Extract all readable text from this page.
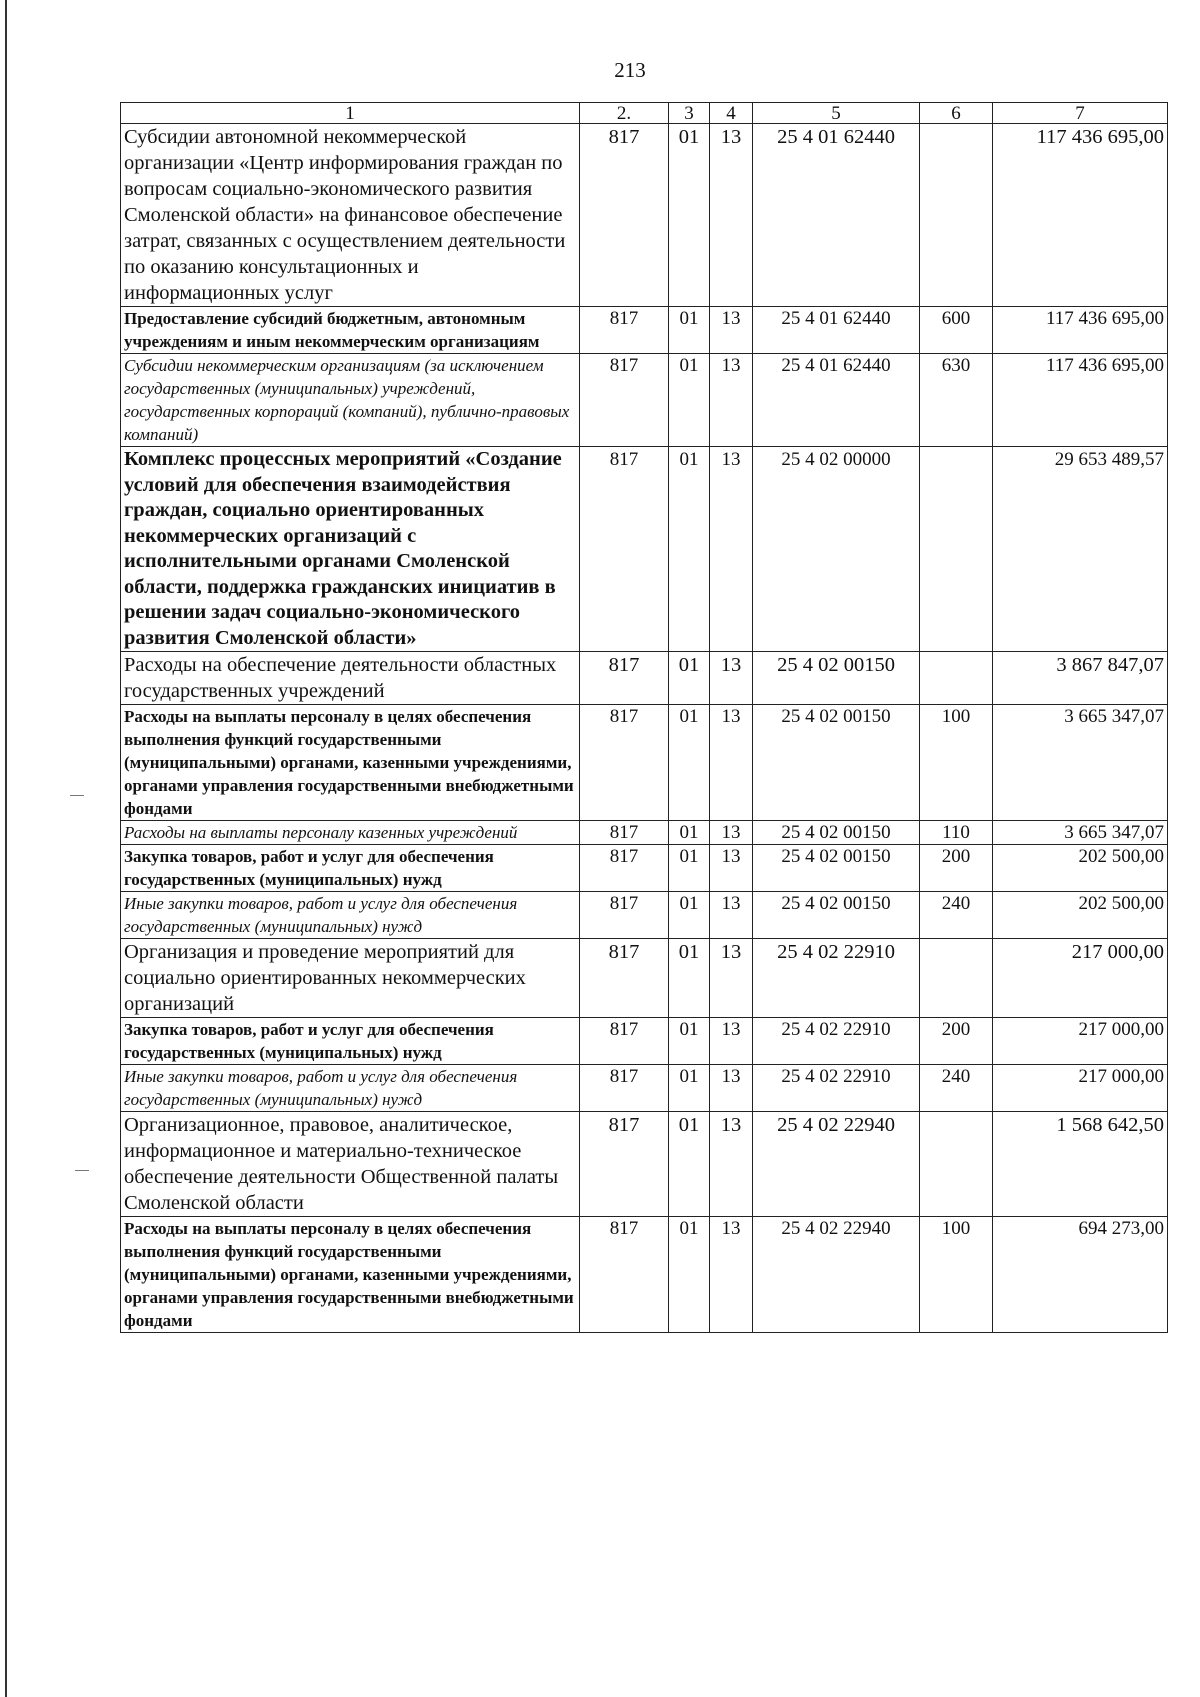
213
1	2.	3	4	5	6	7
Субсидии автономной некоммерческой организации «Центр информирования граждан по вопросам социально-экономического развития Смоленской области» на финансовое обеспечение затрат, связанных с осуществлением деятельности по оказанию консультационных и информационных услуг	817	01	13	25 4 01 62440		117 436 695,00
Предоставление субсидий бюджетным, автономным учреждениям и иным некоммерческим организациям	817	01	13	25 4 01 62440	600	117 436 695,00
Субсидии некоммерческим организациям (за исключением государственных (муниципальных) учреждений, государственных корпораций (компаний), публично-правовых компаний)	817	01	13	25 4 01 62440	630	117 436 695,00
Комплекс процессных мероприятий «Создание условий для обеспечения взаимодействия граждан, социально ориентированных некоммерческих организаций с исполнительными органами Смоленской области, поддержка гражданских инициатив в решении задач социально-экономического развития Смоленской области»	817	01	13	25 4 02 00000		29 653 489,57
Расходы на обеспечение деятельности областных государственных учреждений	817	01	13	25 4 02 00150		3 867 847,07
Расходы на выплаты персоналу в целях обеспечения выполнения функций государственными (муниципальными) органами, казенными учреждениями, органами управления государственными внебюджетными фондами	817	01	13	25 4 02 00150	100	3 665 347,07
Расходы на выплаты персоналу казенных учреждений	817	01	13	25 4 02 00150	110	3 665 347,07
Закупка товаров, работ и услуг для обеспечения государственных (муниципальных) нужд	817	01	13	25 4 02 00150	200	202 500,00
Иные закупки товаров, работ и услуг для обеспечения государственных (муниципальных) нужд	817	01	13	25 4 02 00150	240	202 500,00
Организация и проведение мероприятий для социально ориентированных некоммерческих организаций	817	01	13	25 4 02 22910		217 000,00
Закупка товаров, работ и услуг для обеспечения государственных (муниципальных) нужд	817	01	13	25 4 02 22910	200	217 000,00
Иные закупки товаров, работ и услуг для обеспечения государственных (муниципальных) нужд	817	01	13	25 4 02 22910	240	217 000,00
Организационное, правовое, аналитическое, информационное и материально-техническое обеспечение деятельности Общественной палаты Смоленской области	817	01	13	25 4 02 22940		1 568 642,50
Расходы на выплаты персоналу в целях обеспечения выполнения функций государственными (муниципальными) органами, казенными учреждениями, органами управления государственными внебюджетными фондами	817	01	13	25 4 02 22940	100	694 273,00
